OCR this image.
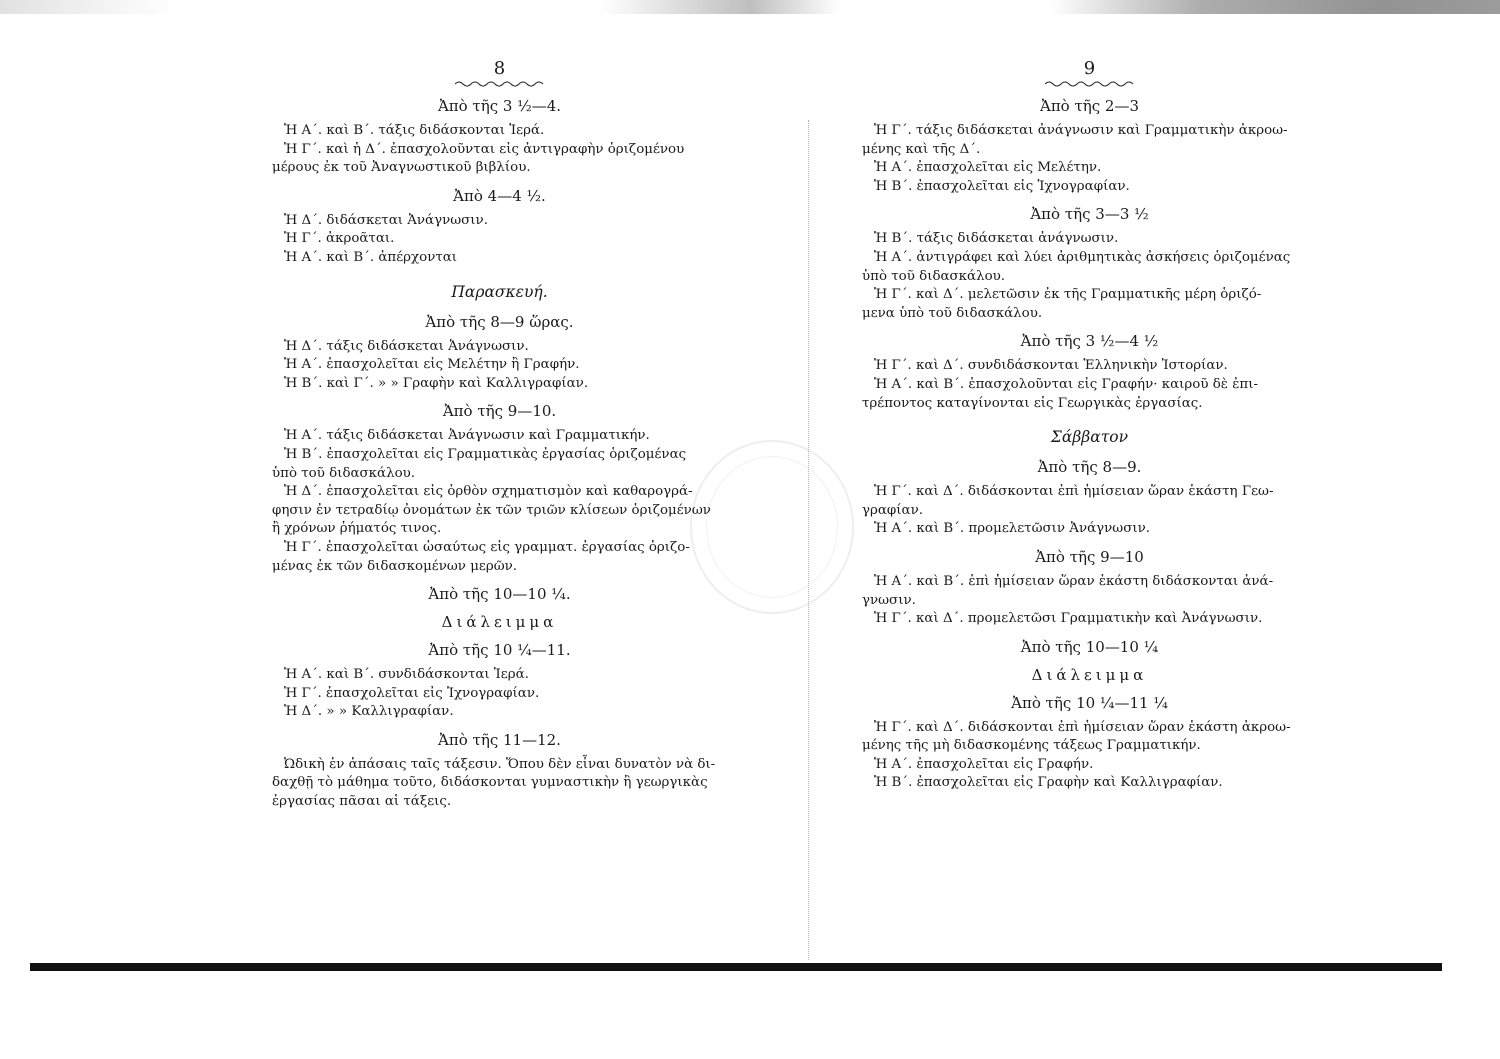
8

Ἀπὸ τῆς 3 ½—4.

Ἡ Α΄. καὶ Β΄. τάξις διδάσκονται Ἱερά.

Ἡ Γ΄. καὶ ἡ Δ΄. ἐπασχολοῦνται εἰς ἀντιγραφὴν ὁριζομένου

μέρους ἐκ τοῦ Ἀναγνωστικοῦ βιβλίου.

Ἀπὸ 4—4 ½.

Ἡ Δ΄. διδάσκεται Ἀνάγνωσιν.

Ἡ Γ΄. ἀκροᾶται.

Ἡ Α΄. καὶ Β΄. ἀπέρχονται

Παρασκευή.

Ἀπὸ τῆς 8—9 ὥρας.

Ἡ Δ΄. τάξις διδάσκεται Ἀνάγνωσιν.

Ἡ Α΄. ἐπασχολεῖται εἰς Μελέτην ἢ Γραφήν.

Ἡ Β΄. καὶ Γ΄. » » Γραφὴν καὶ Καλλιγραφίαν.

Ἀπὸ τῆς 9—10.

Ἡ Α΄. τάξις διδάσκεται Ἀνάγνωσιν καὶ Γραμματικήν.

Ἡ Β΄. ἐπασχολεῖται εἰς Γραμματικὰς ἐργασίας ὁριζομένας

ὑπὸ τοῦ διδασκάλου.

Ἡ Δ΄. ἐπασχολεῖται εἰς ὀρθὸν σχηματισμὸν καὶ καθαρογρά-

φησιν ἐν τετραδίῳ ὀνομάτων ἐκ τῶν τριῶν κλίσεων ὁριζομένων

ἢ χρόνων ῥήματός τινος.

Ἡ Γ΄. ἐπασχολεῖται ὡσαύτως εἰς γραμματ. ἐργασίας ὁριζο-

μένας ἐκ τῶν διδασκομένων μερῶν.

Ἀπὸ τῆς 10—10 ¼.

Διάλειμμα

Ἀπὸ τῆς 10 ¼—11.

Ἡ Α΄. καὶ Β΄. συνδιδάσκονται Ἱερά.

Ἡ Γ΄. ἐπασχολεῖται εἰς Ἰχνογραφίαν.

Ἡ Δ΄. » » Καλλιγραφίαν.

Ἀπὸ τῆς 11—12.

Ὠδικὴ ἐν ἁπάσαις ταῖς τάξεσιν. Ὅπου δὲν εἶναι δυνατὸν νὰ δι-

δαχθῇ τὸ μάθημα τοῦτο, διδάσκονται γυμναστικὴν ἢ γεωργικὰς

ἐργασίας πᾶσαι αἱ τάξεις.

9

Ἀπὸ τῆς 2—3

Ἡ Γ΄. τάξις διδάσκεται ἀνάγνωσιν καὶ Γραμματικὴν ἀκροω-

μένης καὶ τῆς Δ΄.

Ἡ Α΄. ἐπασχολεῖται εἰς Μελέτην.

Ἡ Β΄. ἐπασχολεῖται εἰς Ἰχνογραφίαν.

Ἀπὸ τῆς 3—3 ½

Ἡ Β΄. τάξις διδάσκεται ἀνάγνωσιν.

Ἡ Α΄. ἀντιγράφει καὶ λύει ἀριθμητικὰς ἀσκήσεις ὁριζομένας

ὑπὸ τοῦ διδασκάλου.

Ἡ Γ΄. καὶ Δ΄. μελετῶσιν ἐκ τῆς Γραμματικῆς μέρη ὁριζό-

μενα ὑπὸ τοῦ διδασκάλου.

Ἀπὸ τῆς 3 ½—4 ½

Ἡ Γ΄. καὶ Δ΄. συνδιδάσκονται Ἑλληνικὴν Ἱστορίαν.

Ἡ Α΄. καὶ Β΄. ἐπασχολοῦνται εἰς Γραφήν· καιροῦ δὲ ἐπι-

τρέποντος καταγίνονται εἰς Γεωργικὰς ἐργασίας.

Σάββατον

Ἀπὸ τῆς 8—9.

Ἡ Γ΄. καὶ Δ΄. διδάσκονται ἐπὶ ἡμίσειαν ὥραν ἑκάστη Γεω-

γραφίαν.

Ἡ Α΄. καὶ Β΄. προμελετῶσιν Ἀνάγνωσιν.

Ἀπὸ τῆς 9—10

Ἡ Α΄. καὶ Β΄. ἐπὶ ἡμίσειαν ὥραν ἑκάστη διδάσκονται ἀνά-

γνωσιν.

Ἡ Γ΄. καὶ Δ΄. προμελετῶσι Γραμματικὴν καὶ Ἀνάγνωσιν.

Ἀπὸ τῆς 10—10 ¼

Διάλειμμα

Ἀπὸ τῆς 10 ¼—11 ¼

Ἡ Γ΄. καὶ Δ΄. διδάσκονται ἐπὶ ἡμίσειαν ὥραν ἑκάστη ἀκροω-

μένης τῆς μὴ διδασκομένης τάξεως Γραμματικήν.

Ἡ Α΄. ἐπασχολεῖται εἰς Γραφήν.

Ἡ Β΄. ἐπασχολεῖται εἰς Γραφὴν καὶ Καλλιγραφίαν.
